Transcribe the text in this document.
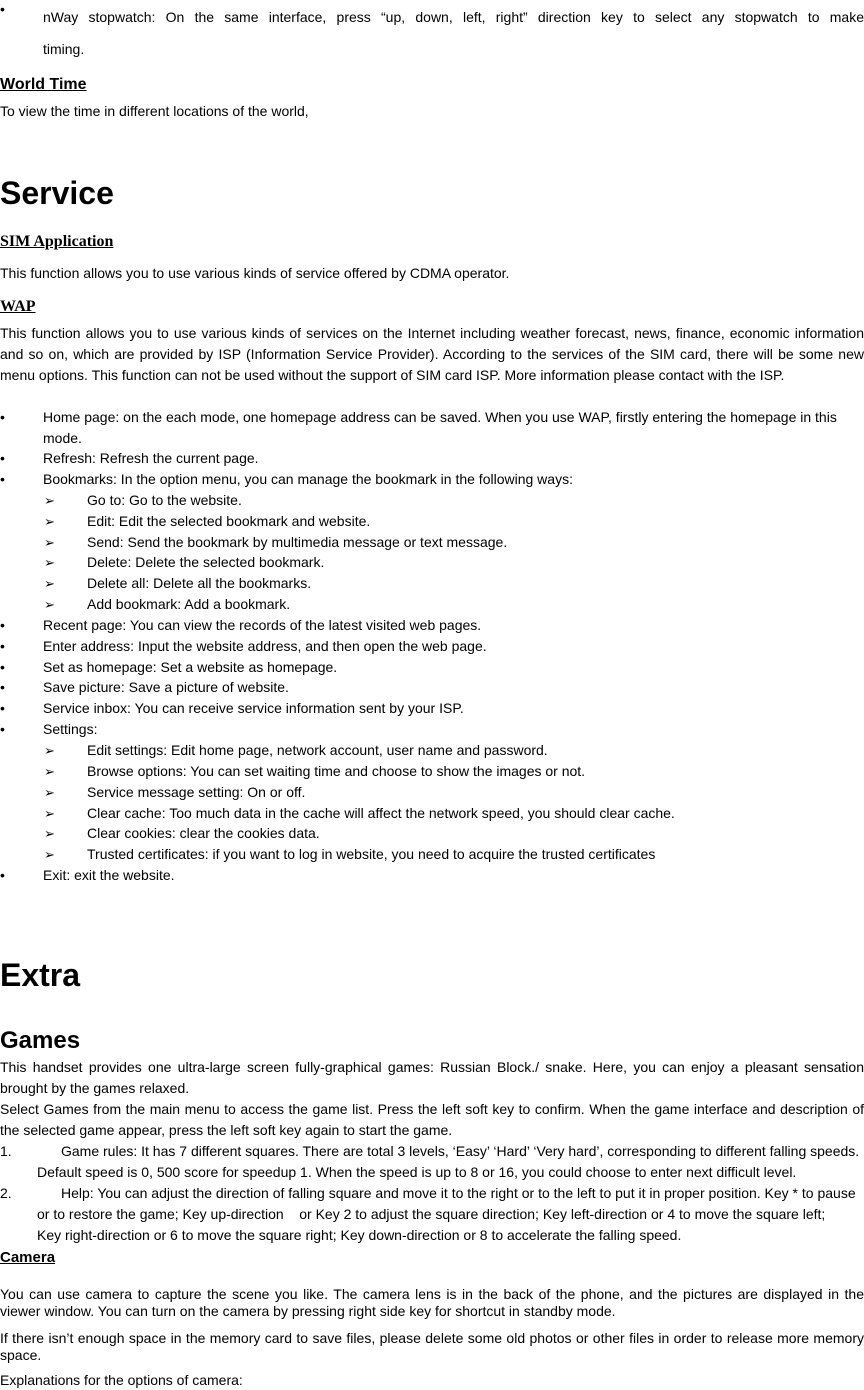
•	nWay stopwatch: On the same interface, press “up, down, left, right” direction key to select any stopwatch to make
timing.
World Time
To view the time in different locations of the world,
Service
SIM Application
This function allows you to use various kinds of service offered by CDMA operator.
WAP
This function allows you to use various kinds of services on the Internet including weather forecast, news, finance, economic information and so on, which are provided by ISP (Information Service Provider). According to the services of the SIM card, there will be some new menu options. This function can not be used without the support of SIM card ISP. More information please contact with the ISP.
•	Home page: on the each mode, one homepage address can be saved. When you use WAP, firstly entering the homepage in this mode.
•	Refresh: Refresh the current page.
•	Bookmarks: In the option menu, you can manage the bookmark in the following ways:
➢ Go to: Go to the website.
➢ Edit: Edit the selected bookmark and website.
➢ Send: Send the bookmark by multimedia message or text message.
➢ Delete: Delete the selected bookmark.
➢ Delete all: Delete all the bookmarks.
➢ Add bookmark: Add a bookmark.
•	Recent page: You can view the records of the latest visited web pages.
•	Enter address: Input the website address, and then open the web page.
•	Set as homepage: Set a website as homepage.
•	Save picture: Save a picture of website.
•	Service inbox: You can receive service information sent by your ISP.
•	Settings:
➢ Edit settings: Edit home page, network account, user name and password.
➢ Browse options: You can set waiting time and choose to show the images or not.
➢ Service message setting: On or off.
➢ Clear cache: Too much data in the cache will affect the network speed, you should clear cache.
➢ Clear cookies: clear the cookies data.
➢ Trusted certificates: if you want to log in website, you need to acquire the trusted certificates
•	Exit: exit the website.
Extra
Games
This handset provides one ultra-large screen fully-graphical games: Russian Block./ snake. Here, you can enjoy a pleasant sensation brought by the games relaxed.
Select Games from the main menu to access the game list. Press the left soft key to confirm. When the game interface and description of the selected game appear, press the left soft key again to start the game.
1.	Game rules: It has 7 different squares. There are total 3 levels, ‘Easy’ ‘Hard’ ‘Very hard’, corresponding to different falling speeds.
Default speed is 0, 500 score for speedup 1. When the speed is up to 8 or 16, you could choose to enter next difficult level.
2.	Help: You can adjust the direction of falling square and move it to the right or to the left to put it in proper position. Key * to pause
or to restore the game; Key up-direction    or Key 2 to adjust the square direction; Key left-direction or 4 to move the square left;
Key right-direction or 6 to move the square right; Key down-direction or 8 to accelerate the falling speed.
Camera
You can use camera to capture the scene you like. The camera lens is in the back of the phone, and the pictures are displayed in the viewer window. You can turn on the camera by pressing right side key for shortcut in standby mode.
If there isn’t enough space in the memory card to save files, please delete some old photos or other files in order to release more memory space.
Explanations for the options of camera:
